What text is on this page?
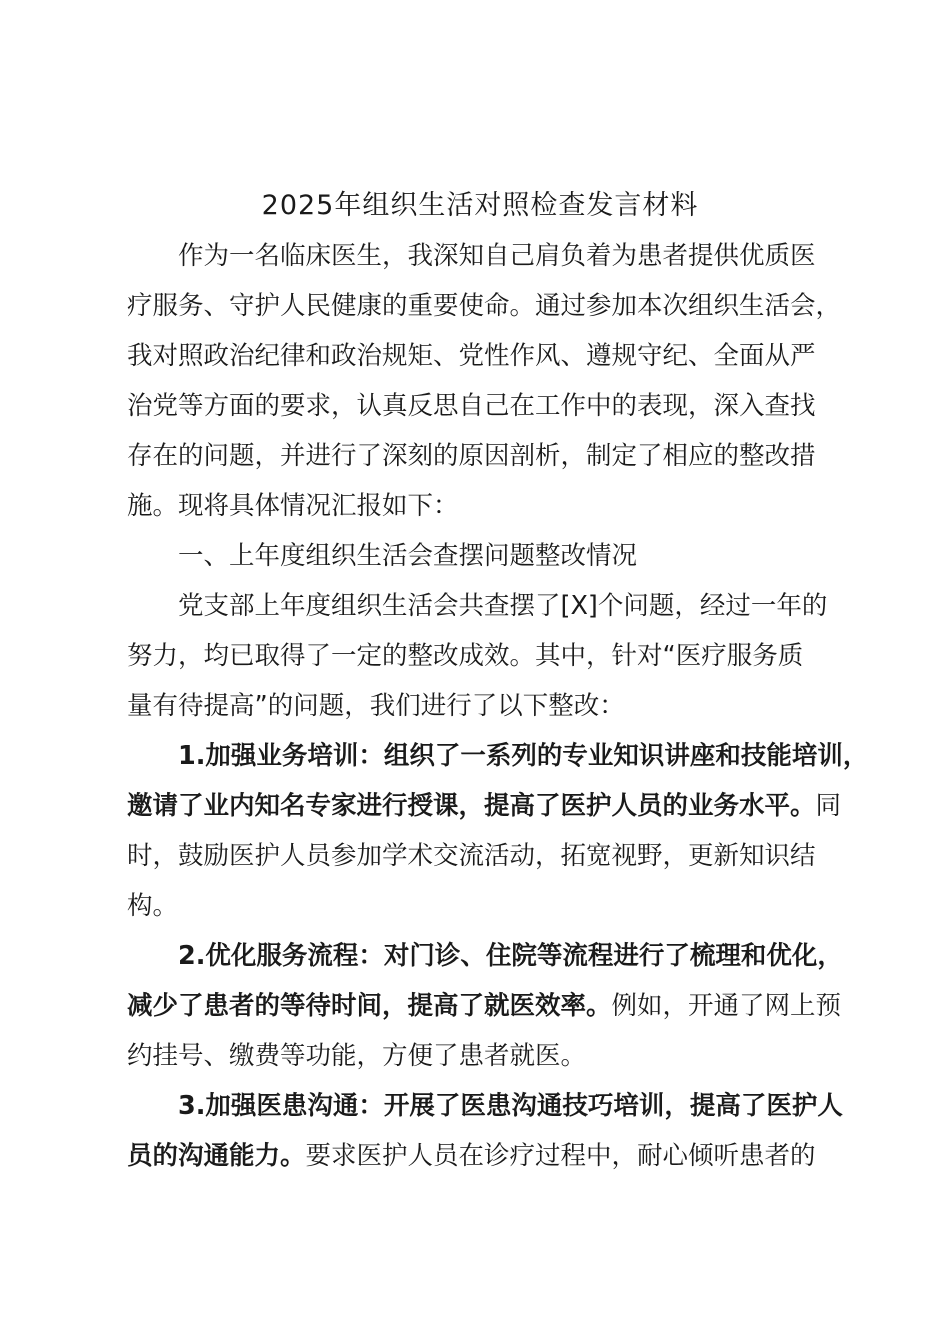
2025年组织生活对照检查发言材料
作为一名临床医生，我深知自己肩负着为患者提供优质医
疗服务、守护人民健康的重要使命。通过参加本次组织生活会，
我对照政治纪律和政治规矩、党性作风、遵规守纪、全面从严
治党等方面的要求，认真反思自己在工作中的表现，深入查找
存在的问题，并进行了深刻的原因剖析，制定了相应的整改措
施。现将具体情况汇报如下：
一、上年度组织生活会查摆问题整改情况
党支部上年度组织生活会共查摆了[X]个问题，经过一年的
努力，均已取得了一定的整改成效。其中，针对“医疗服务质
量有待提高”的问题，我们进行了以下整改：
1.加强业务培训：组织了一系列的专业知识讲座和技能培训，
邀请了业内知名专家进行授课，提高了医护人员的业务水平。同
时，鼓励医护人员参加学术交流活动，拓宽视野，更新知识结
构。
2.优化服务流程：对门诊、住院等流程进行了梳理和优化，
减少了患者的等待时间，提高了就医效率。例如，开通了网上预
约挂号、缴费等功能，方便了患者就医。
3.加强医患沟通：开展了医患沟通技巧培训，提高了医护人
员的沟通能力。要求医护人员在诊疗过程中，耐心倾听患者的
